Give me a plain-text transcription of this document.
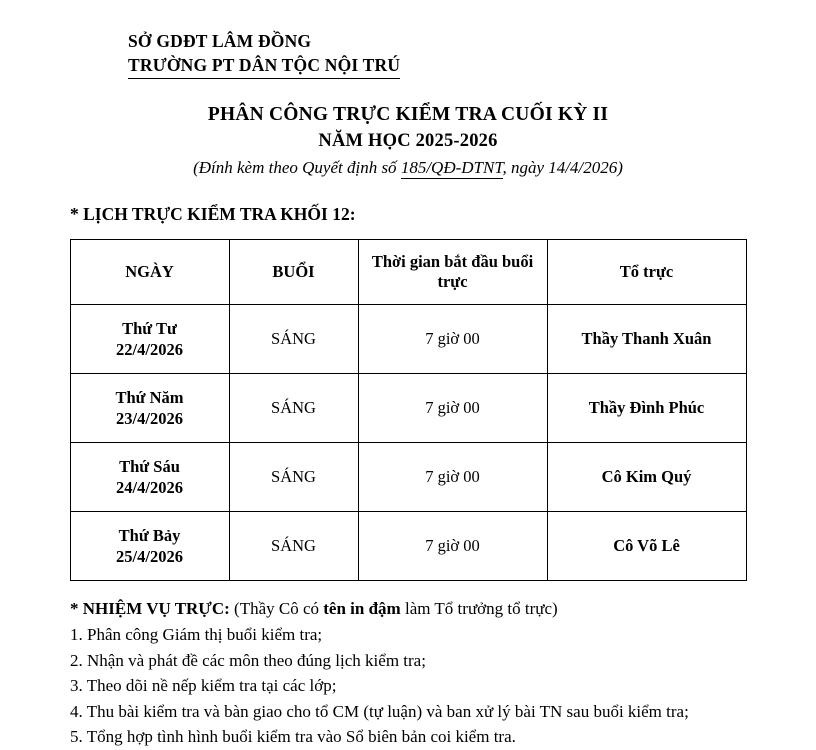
SỞ GDĐT LÂM ĐỒNG
TRƯỜNG PT DÂN TỘC NỘI TRÚ
PHÂN CÔNG TRỰC KIỂM TRA CUỐI KỲ II
NĂM HỌC 2025-2026
(Đính kèm theo Quyết định số 185/QĐ-DTNT, ngày 14/4/2026)
* LỊCH TRỰC KIỂM TRA KHỐI 12:
NGÀY	BUỔI	Thời gian bắt đầu buổi trực	Tổ trực

Thứ Tư
22/4/2026	SÁNG	7 giờ 00	Thầy Thanh Xuân

Thứ Năm
23/4/2026	SÁNG	7 giờ 00	Thầy Đình Phúc

Thứ Sáu
24/4/2026	SÁNG	7 giờ 00	Cô Kim Quý

Thứ Bảy
25/4/2026	SÁNG	7 giờ 00	Cô Võ Lê
* NHIỆM VỤ TRỰC: (Thầy Cô có tên in đậm làm Tổ trưởng tổ trực)
1. Phân công Giám thị buổi kiểm tra;
2. Nhận và phát đề các môn theo đúng lịch kiểm tra;
3. Theo dõi nề nếp kiểm tra tại các lớp;
4. Thu bài kiểm tra và bàn giao cho tổ CM (tự luận) và ban xử lý bài TN sau buổi kiểm tra;
5. Tổng hợp tình hình buổi kiểm tra vào Sổ biên bản coi kiểm tra.
